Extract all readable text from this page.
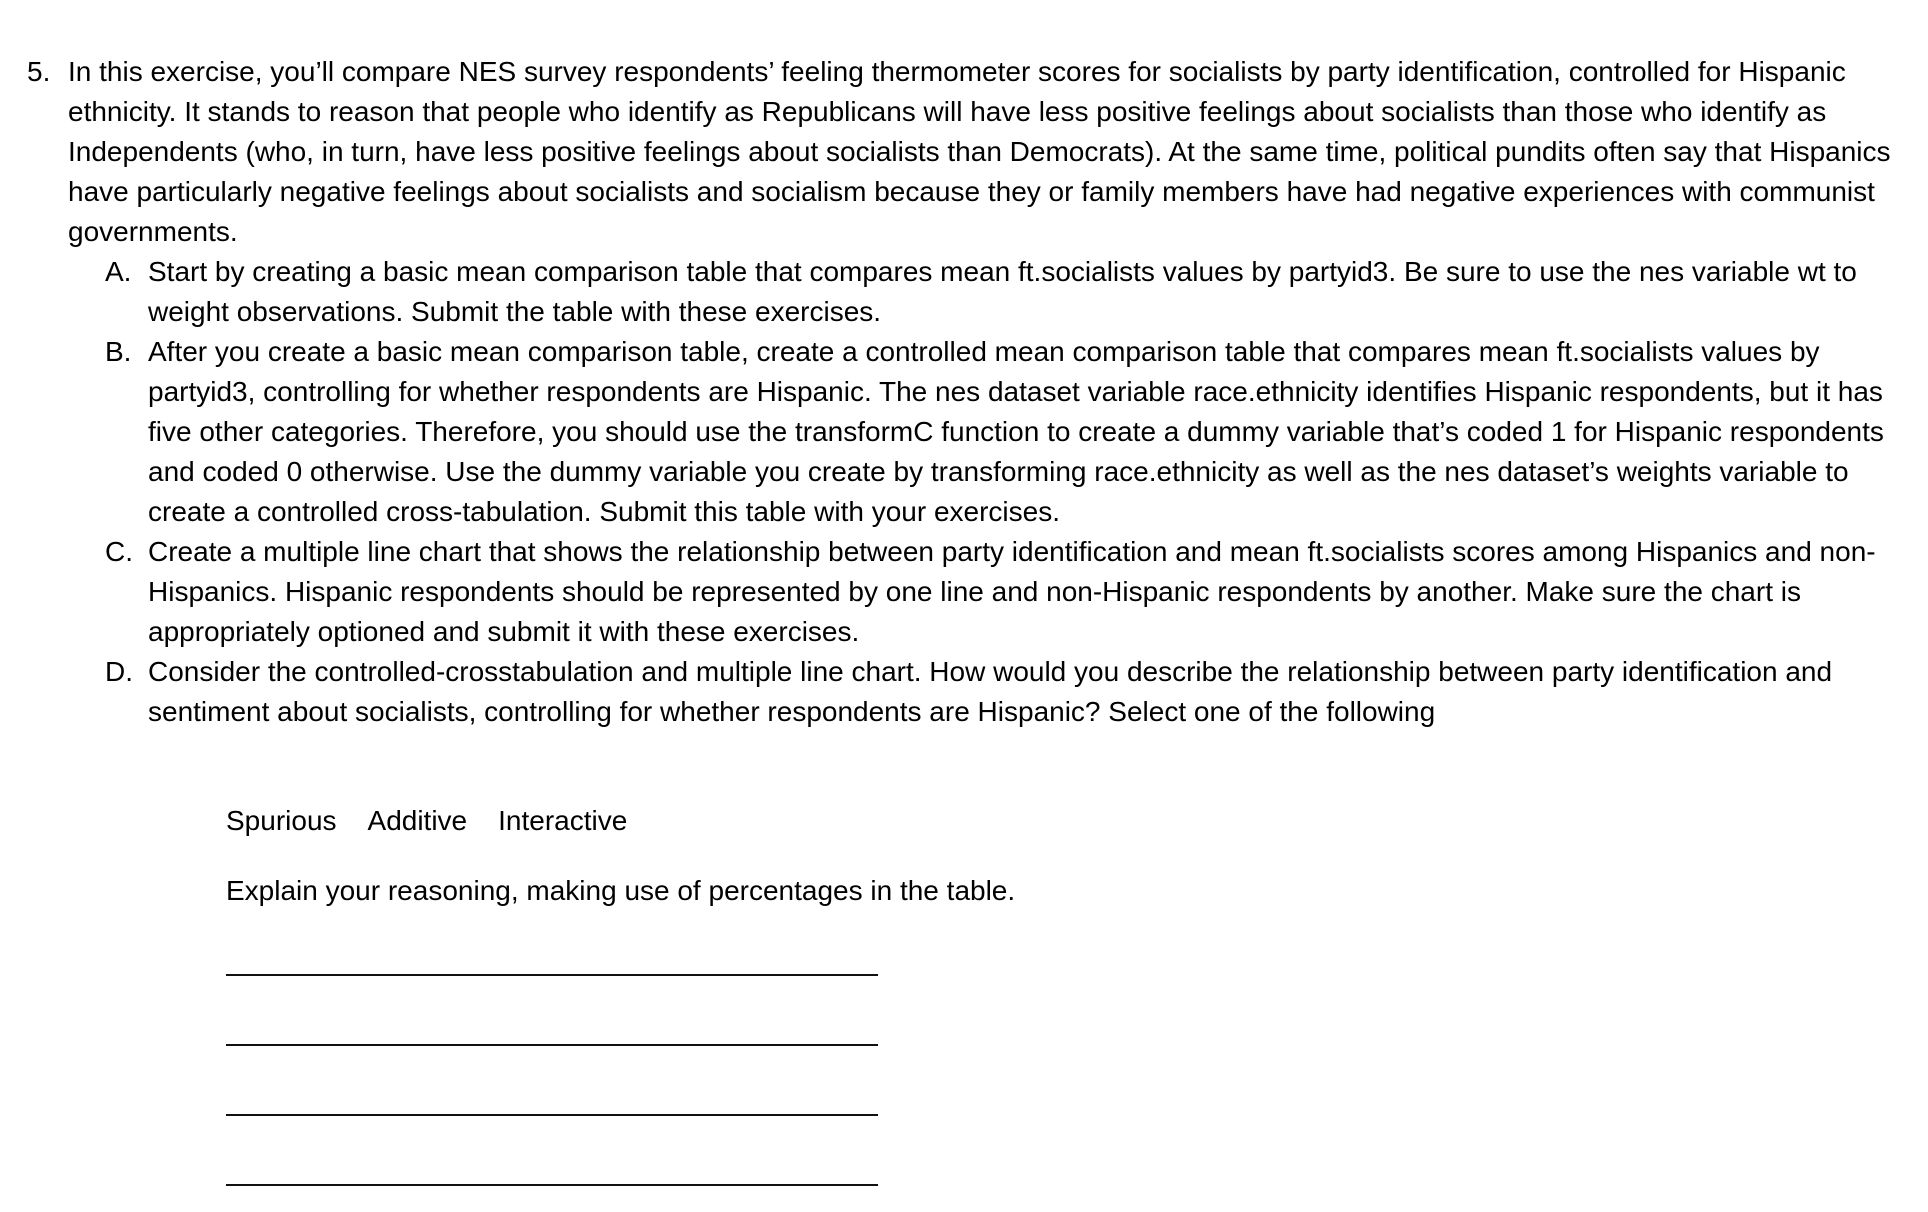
5. In this exercise, you’ll compare NES survey respondents’ feeling thermometer scores for socialists by party identification, controlled for Hispanic ethnicity. It stands to reason that people who identify as Republicans will have less positive feelings about socialists than those who identify as Independents (who, in turn, have less positive feelings about socialists than Democrats). At the same time, political pundits often say that Hispanics have particularly negative feelings about socialists and socialism because they or family members have had negative experiences with communist governments.
A. Start by creating a basic mean comparison table that compares mean ft.socialists values by partyid3. Be sure to use the nes variable wt to weight observations. Submit the table with these exercises.
B. After you create a basic mean comparison table, create a controlled mean comparison table that compares mean ft.socialists values by partyid3, controlling for whether respondents are Hispanic. The nes dataset variable race.ethnicity identifies Hispanic respondents, but it has five other categories. Therefore, you should use the transformC function to create a dummy variable that’s coded 1 for Hispanic respondents and coded 0 otherwise. Use the dummy variable you create by transforming race.ethnicity as well as the nes dataset’s weights variable to create a controlled cross-tabulation. Submit this table with your exercises.
C. Create a multiple line chart that shows the relationship between party identification and mean ft.socialists scores among Hispanics and non-Hispanics. Hispanic respondents should be represented by one line and non-Hispanic respondents by another. Make sure the chart is appropriately optioned and submit it with these exercises.
D. Consider the controlled-crosstabulation and multiple line chart. How would you describe the relationship between party identification and sentiment about socialists, controlling for whether respondents are Hispanic? Select one of the following
Spurious Additive Interactive
Explain your reasoning, making use of percentages in the table.
